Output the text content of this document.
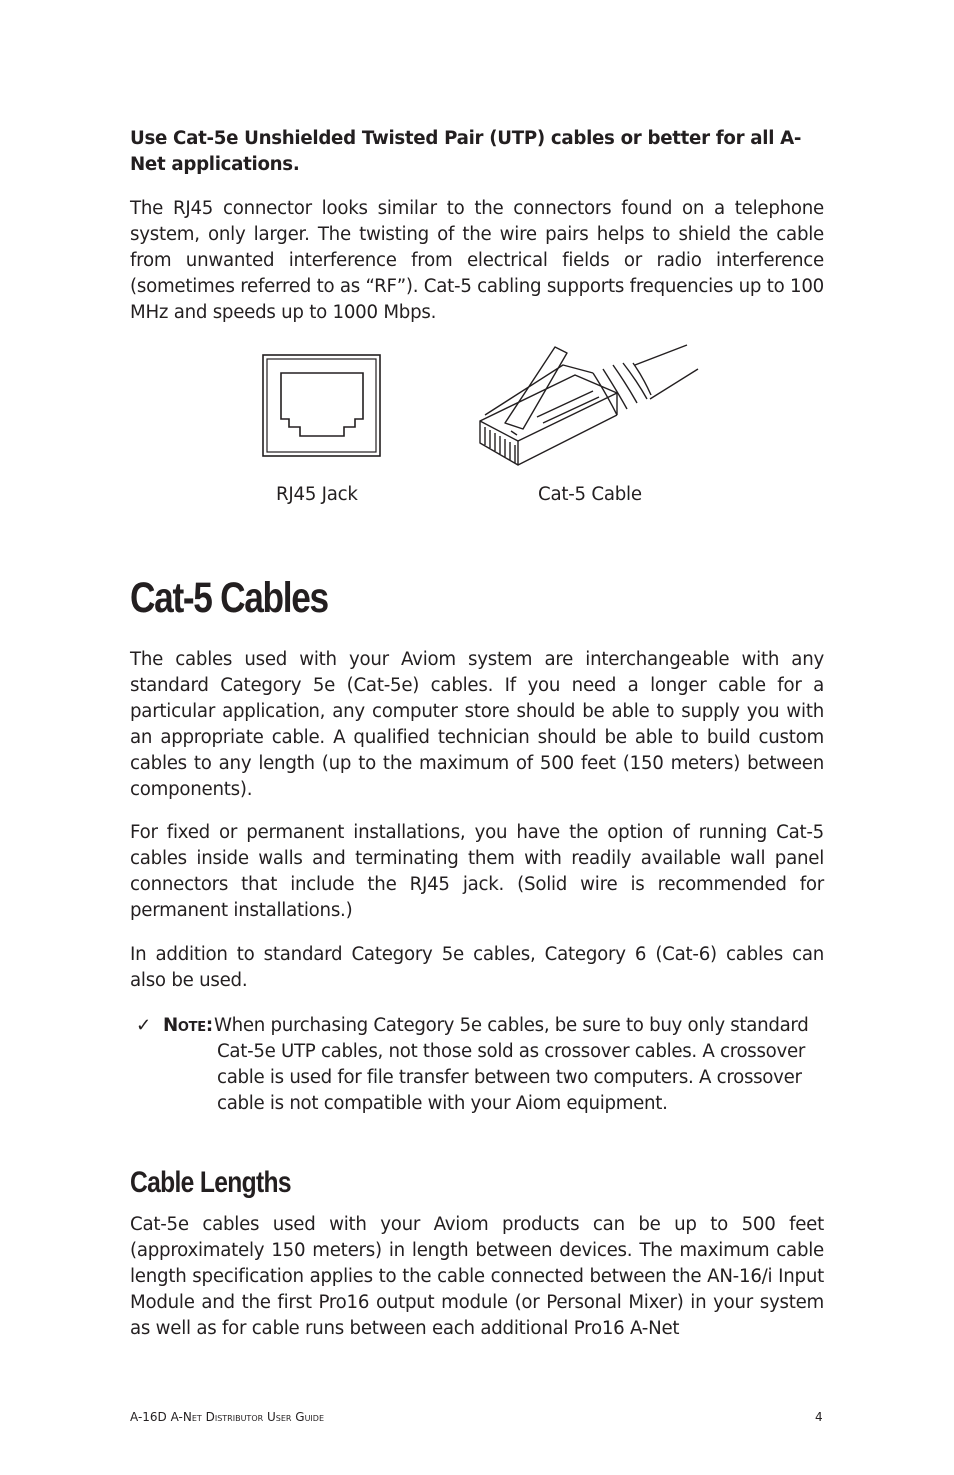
Use Cat-5e Unshielded Twisted Pair (UTP) cables or better for all A-Net applications.

The RJ45 connector looks similar to the connectors found on a telephone system, only larger. The twisting of the wire pairs helps to shield the cable from unwanted interference from electrical fields or radio interference (sometimes referred to as “RF”). Cat-5 cabling supports frequencies up to 100 MHz and speeds up to 1000 Mbps.

RJ45 Jack	Cat-5 Cable
Cat-5 Cables

The cables used with your Aviom system are interchangeable with any standard Category 5e (Cat-5e) cables. If you need a longer cable for a particular application, any computer store should be able to supply you with an appropriate cable. A qualified technician should be able to build custom cables to any length (up to the maximum of 500 feet (150 meters) between components).

For fixed or permanent installations, you have the option of running Cat-5 cables inside walls and terminating them with readily available wall panel connectors that include the RJ45 jack. (Solid wire is recommended for permanent installations.)

In addition to standard Category 5e cables, Category 6 (Cat-6) cables can also be used.

✓ Note: When purchasing Category 5e cables, be sure to buy only standard
Cat-5e UTP cables, not those sold as crossover cables. A crossover cable is used for file transfer between two computers. A crossover cable is not compatible with your Aiom equipment.
Cable Lengths

Cat-5e cables used with your Aviom products can be up to 500 feet (approximately 150 meters) in length between devices. The maximum cable length specification applies to the cable connected between the AN-16/i Input Module and the first Pro16 output module (or Personal Mixer) in your system as well as for cable runs between each additional Pro16 A-Net

A-16D A-Net Distributor User Guide	4
